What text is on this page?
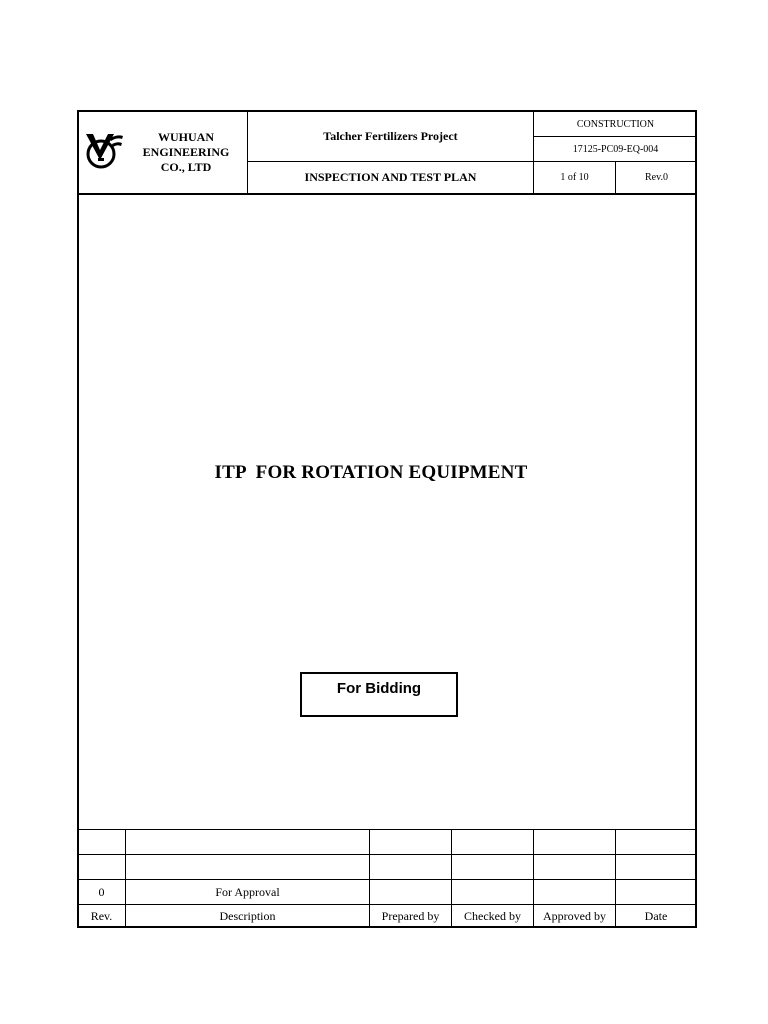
WUHUAN
ENGINEERING
CO., LTD
Talcher Fertilizers Project
INSPECTION AND TEST PLAN
CONSTRUCTION
17125-PC09-EQ-004
1 of 10	Rev.0
ITP  FOR ROTATION EQUIPMENT
For Bidding
0	For Approval
Rev.	Description	Prepared by	Checked by	Approved by	Date
